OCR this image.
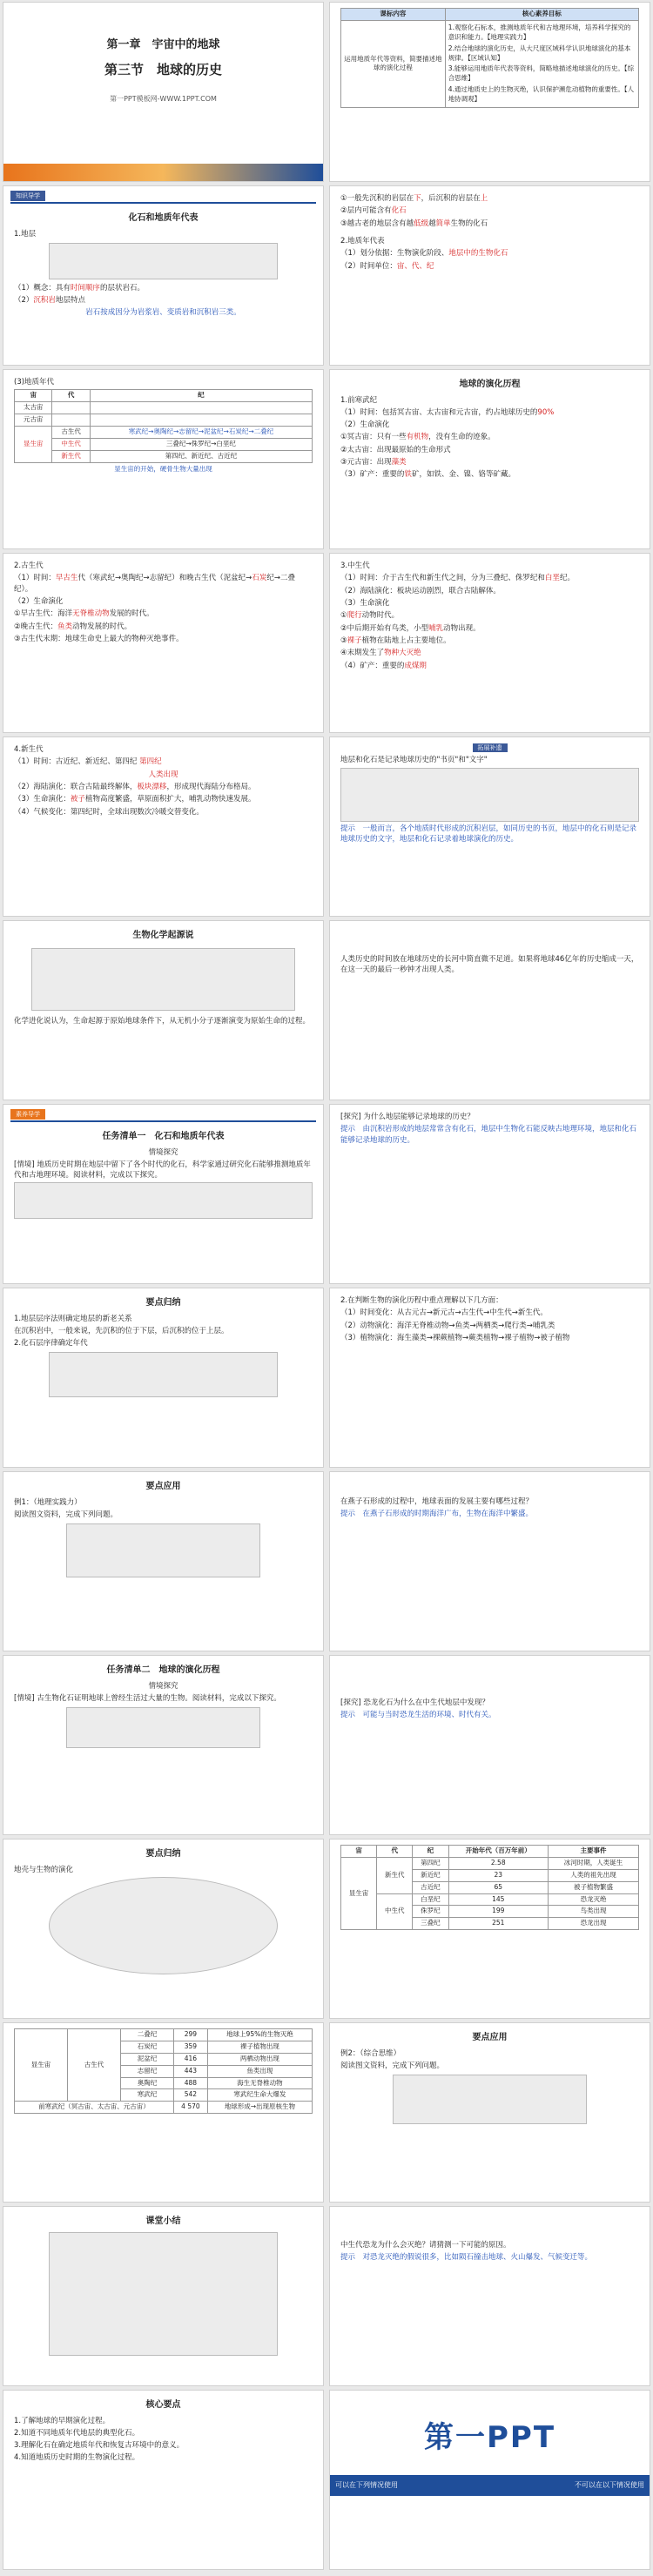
第一章　宇宙中的地球
第三节　地球的历史
第一PPT模板网-WWW.1PPT.COM
课标内容	核心素养目标
运用地质年代等资料，简要描述地球的演化过程	1.观察化石标本，推测地质年代和古地理环境，培养科学探究的意识和能力。【地理实践力】

2.结合地球的演化历史，从大尺度区域科学认识地球演化的基本规律。【区域认知】

3.能够运用地质年代表等资料，简略地描述地球演化的历史。【综合思维】

4.通过地质史上的生物灭绝，认识保护濒危动植物的重要性。【人地协调观】

知识导学
化石和地质年代表

1.地层

（1）概念：具有时间顺序的层状岩石。

（2）沉积岩地层特点

岩石按成因分为岩浆岩、变质岩和沉积岩三类。

①一般先沉积的岩层在下，后沉积的岩层在上

②层内可能含有化石

③越古老的地层含有越低级越简单生物的化石

2.地质年代表

（1）划分依据：生物演化阶段、地层中的生物化石

（2）时间单位：宙、代、纪

(3)地质年代

宙	代	纪
太古宙		
元古宙		
显生宙	古生代	寒武纪→奥陶纪→志留纪→泥盆纪→石炭纪→二叠纪
	中生代	三叠纪→侏罗纪→白垩纪
	新生代	第四纪、新近纪、古近纪

显生宙的开始，硬骨生物大量出现

地球的演化历程

1.前寒武纪

（1）时间：包括冥古宙、太古宙和元古宙，约占地球历史的90%

（2）生命演化

①冥古宙：只有一些有机物，没有生命的迹象。

②太古宙：出现最原始的生命形式

③元古宙：出现藻类

（3）矿产：重要的铁矿，如铁、金、镍、铬等矿藏。

2.古生代

（1）时间：早古生代（寒武纪→奥陶纪→志留纪）和晚古生代（泥盆纪→石炭纪→二叠纪）。

（2）生命演化

①早古生代：海洋无脊椎动物发展的时代。

②晚古生代：鱼类动物发展的时代。

③古生代末期：地球生命史上最大的物种灭绝事件。

3.中生代

（1）时间：介于古生代和新生代之间，分为三叠纪、侏罗纪和白垩纪。

（2）海陆演化：板块运动剧烈，联合古陆解体。

（3）生命演化

①爬行动物时代。

②中后期开始有鸟类，小型哺乳动物出现。

③裸子植物在陆地上占主要地位。

④末期发生了物种大灭绝

（4）矿产：重要的成煤期

4.新生代

（1）时间：古近纪、新近纪、第四纪 第四纪

人类出现

（2）海陆演化：联合古陆最终解体，板块漂移，形成现代海陆分布格局。

（3）生命演化：被子植物高度繁盛，草原面积扩大，哺乳动物快速发展。

（4）气候变化：第四纪时，全球出现数次冷暖交替变化。

拓展补遗

地层和化石是记录地球历史的"书页"和"文字"

提示　一般而言，各个地质时代形成的沉积岩层，如同历史的书页，地层中的化石则是记录地球历史的文字，地层和化石记录着地球演化的历史。

生物化学起源说

化学进化说认为，生命起源于原始地球条件下，从无机小分子逐渐演变为原始生命的过程。

人类历史的时间放在地球历史的长河中简直微不足道。如果将地球46亿年的历史缩成一天，在这一天的最后一秒钟才出现人类。

素养导学
任务清单一　化石和地质年代表

情境探究

[情境] 地质历史时期在地层中留下了各个时代的化石，科学家通过研究化石能够推测地质年代和古地理环境。阅读材料，完成以下探究。

[探究] 为什么地层能够记录地球的历史？

提示　由沉积岩形成的地层常常含有化石，地层中生物化石能反映古地理环境，地层和化石能够记录地球的历史。

要点归纳

1.地层层序法则确定地层的新老关系

在沉积岩中，一般来说，先沉积的位于下层，后沉积的位于上层。

2.化石层序律确定年代

2.在判断生物的演化历程中重点理解以下几方面：

（1）时间变化：从古元古→新元古→古生代→中生代→新生代。

（2）动物演化：海洋无脊椎动物→鱼类→两栖类→爬行类→哺乳类

（3）植物演化：海生藻类→裸蕨植物→蕨类植物→裸子植物→被子植物

要点应用

例1：（地理实践力）

阅读图文资料，完成下列问题。

在燕子石形成的过程中，地球表面的发展主要有哪些过程？

提示　在燕子石形成的时期海洋广布，生物在海洋中繁盛。

任务清单二　地球的演化历程

情境探究

[情境] 古生物化石证明地球上曾经生活过大量的生物。阅读材料，完成以下探究。

[探究] 恐龙化石为什么在中生代地层中发现？

提示　可能与当时恐龙生活的环境、时代有关。

要点归纳

地壳与生物的演化

宙	代	纪	开始年代（百万年前）	主要事件
显生宙	新生代	第四纪	2.58	冰河时期，人类诞生
		新近纪	23	人类的祖先出现
		古近纪	65	被子植物繁盛
	中生代	白垩纪	145	恐龙灭绝
		侏罗纪	199	鸟类出现
		三叠纪	251	恐龙出现
显生宙	古生代	二叠纪	299	地球上95%的生物灭绝
		石炭纪	359	裸子植物出现
		泥盆纪	416	两栖动物出现
		志留纪	443	鱼类出现
		奥陶纪	488	海生无脊椎动物
		寒武纪	542	寒武纪生命大爆发
前寒武纪（冥古宙、太古宙、元古宙）			4 570	地球形成→出现原核生物
要点应用

例2：（综合思维）

阅读图文资料，完成下列问题。

课堂小结

中生代恐龙为什么会灭绝？请猜测一下可能的原因。

提示　对恐龙灭绝的假说很多，比如陨石撞击地球、火山爆发、气候变迁等。

核心要点

1.了解地球的早期演化过程。

2.知道不同地质年代地层的典型化石。

3.理解化石在确定地质年代和恢复古环境中的意义。

4.知道地质历史时期的生物演化过程。

第一PPT
可以在下列情况使用	不可以在以下情况使用
